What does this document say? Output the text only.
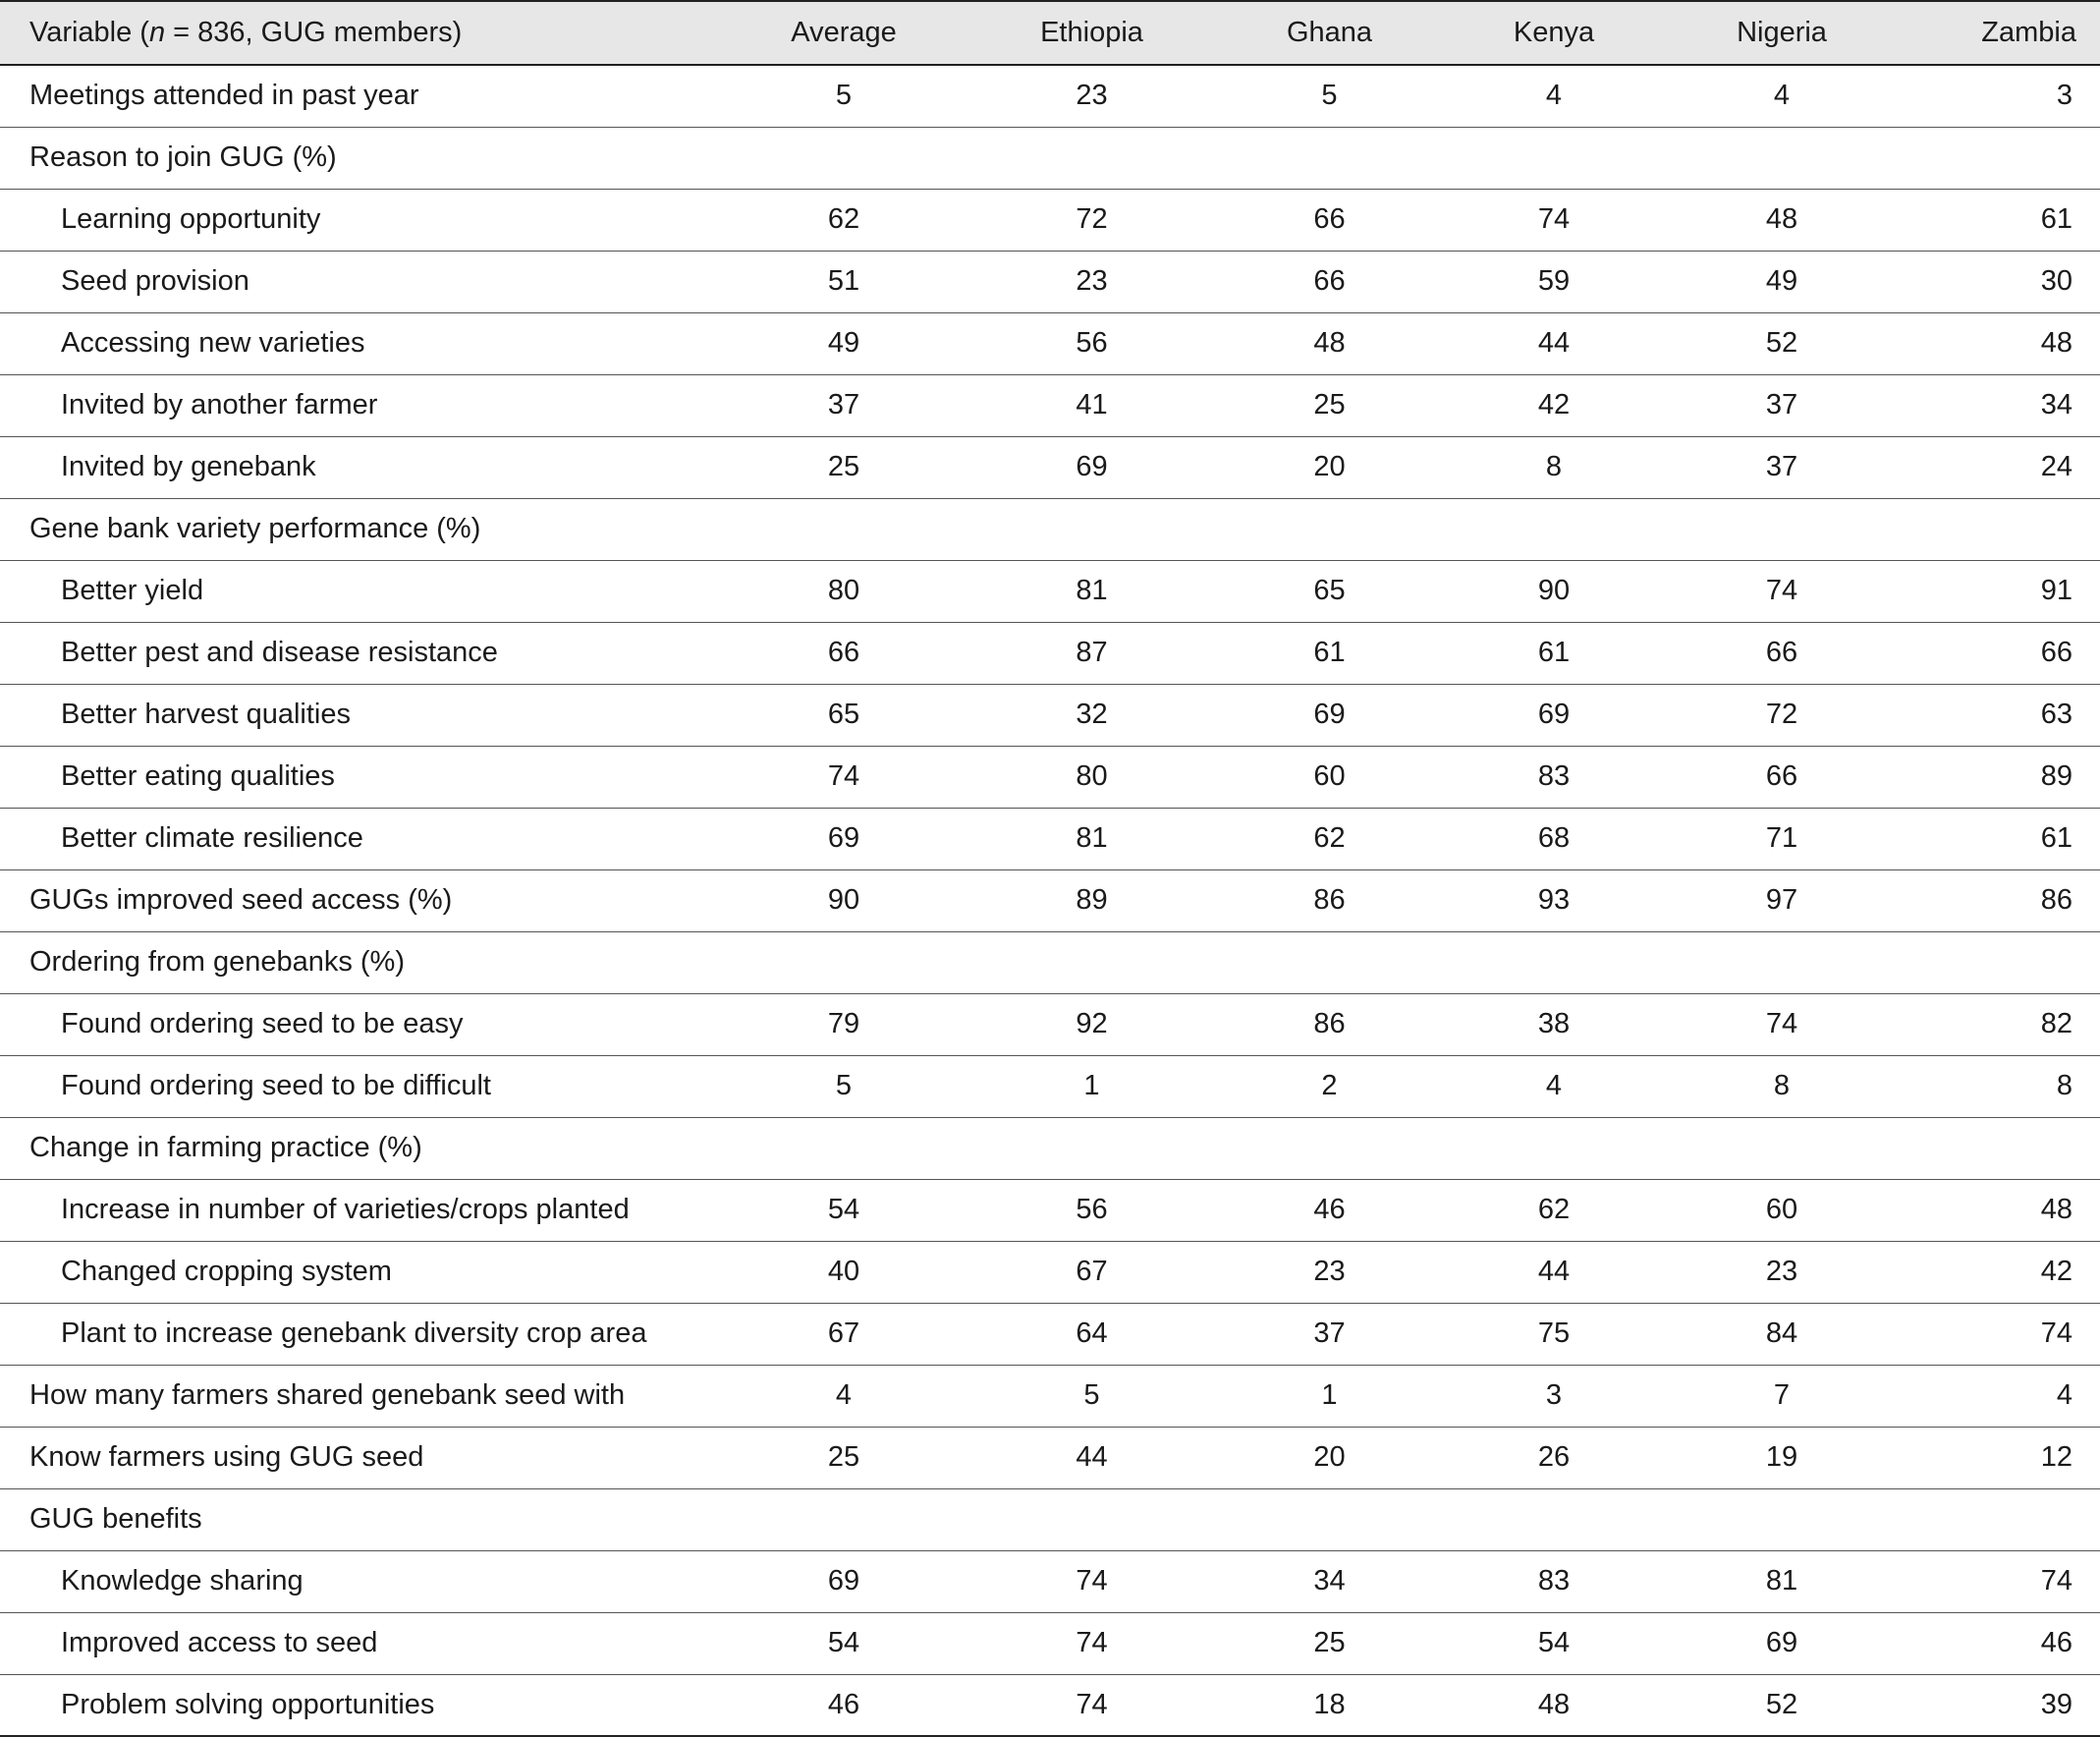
Variable (n = 836, GUG members)	Average	Ethiopia	Ghana	Kenya	Nigeria	Zambia
Meetings attended in past year	5	23	5	4	4	3
Reason to join GUG (%)						
Learning opportunity	62	72	66	74	48	61
Seed provision	51	23	66	59	49	30
Accessing new varieties	49	56	48	44	52	48
Invited by another farmer	37	41	25	42	37	34
Invited by genebank	25	69	20	8	37	24
Gene bank variety performance (%)						
Better yield	80	81	65	90	74	91
Better pest and disease resistance	66	87	61	61	66	66
Better harvest qualities	65	32	69	69	72	63
Better eating qualities	74	80	60	83	66	89
Better climate resilience	69	81	62	68	71	61
GUGs improved seed access (%)	90	89	86	93	97	86
Ordering from genebanks (%)						
Found ordering seed to be easy	79	92	86	38	74	82
Found ordering seed to be difficult	5	1	2	4	8	8
Change in farming practice (%)						
Increase in number of varieties/crops planted	54	56	46	62	60	48
Changed cropping system	40	67	23	44	23	42
Plant to increase genebank diversity crop area	67	64	37	75	84	74
How many farmers shared genebank seed with	4	5	1	3	7	4
Know farmers using GUG seed	25	44	20	26	19	12
GUG benefits						
Knowledge sharing	69	74	34	83	81	74
Improved access to seed	54	74	25	54	69	46
Problem solving opportunities	46	74	18	48	52	39
